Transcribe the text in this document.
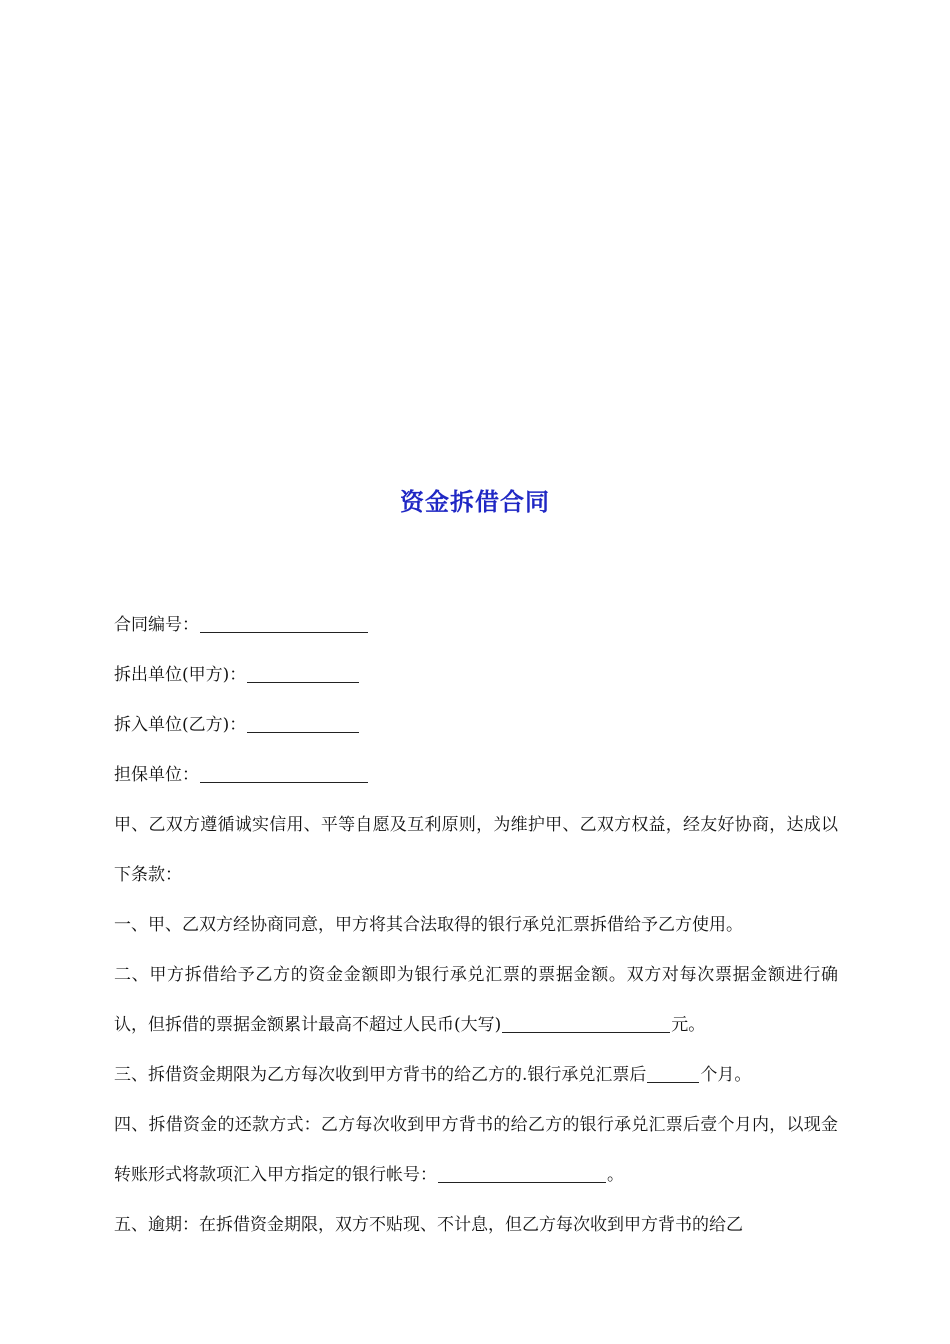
资金拆借合同
合同编号：
拆出单位(甲方)：
拆入单位(乙方)：
担保单位：
甲、乙双方遵循诚实信用、平等自愿及互利原则，为维护甲、乙双方权益，经友好协商，达成以下条款：
一、甲、乙双方经协商同意，甲方将其合法取得的银行承兑汇票拆借给予乙方使用。
二、甲方拆借给予乙方的资金金额即为银行承兑汇票的票据金额。双方对每次票据金额进行确认，但拆借的票据金额累计最高不超过人民币(大写)	元。
三、拆借资金期限为乙方每次收到甲方背书的给乙方的.银行承兑汇票后	个月。
四、拆借资金的还款方式：乙方每次收到甲方背书的给乙方的银行承兑汇票后壹个月内，以现金转账形式将款项汇入甲方指定的银行帐号：	。
五、逾期：在拆借资金期限，双方不贴现、不计息，但乙方每次收到甲方背书的给乙
